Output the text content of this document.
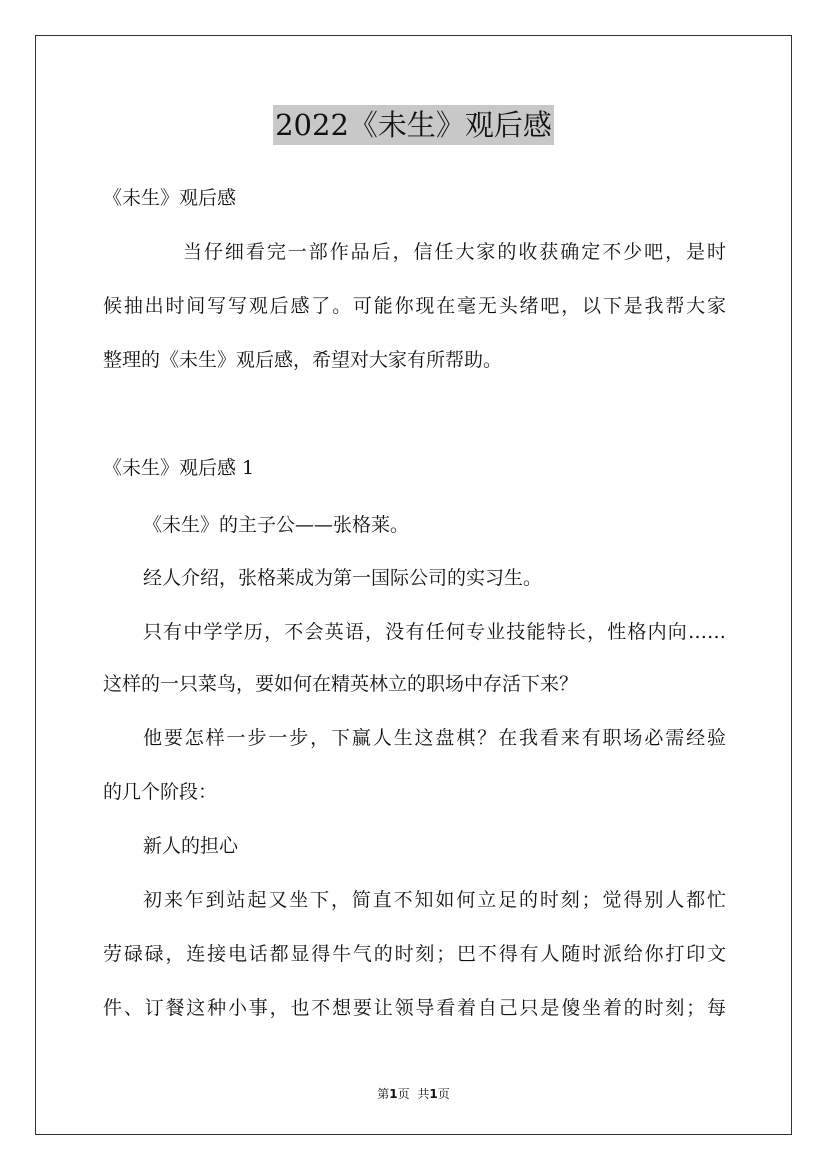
2022《未生》观后感
《未生》观后感
当仔细看完一部作品后，信任大家的收获确定不少吧，是时
候抽出时间写写观后感了。可能你现在毫无头绪吧，以下是我帮大家
整理的《未生》观后感，希望对大家有所帮助。
《未生》观后感 1
《未生》的主子公——张格莱。
经人介绍，张格莱成为第一国际公司的实习生。
只有中学学历，不会英语，没有任何专业技能特长，性格内向……
这样的一只菜鸟，要如何在精英林立的职场中存活下来？
他要怎样一步一步，下赢人生这盘棋？在我看来有职场必需经验
的几个阶段：
新人的担心
初来乍到站起又坐下，简直不知如何立足的时刻；觉得别人都忙
劳碌碌，连接电话都显得牛气的时刻；巴不得有人随时派给你打印文
件、订餐这种小事，也不想要让领导看着自己只是傻坐着的时刻；每
第1页 共1页
